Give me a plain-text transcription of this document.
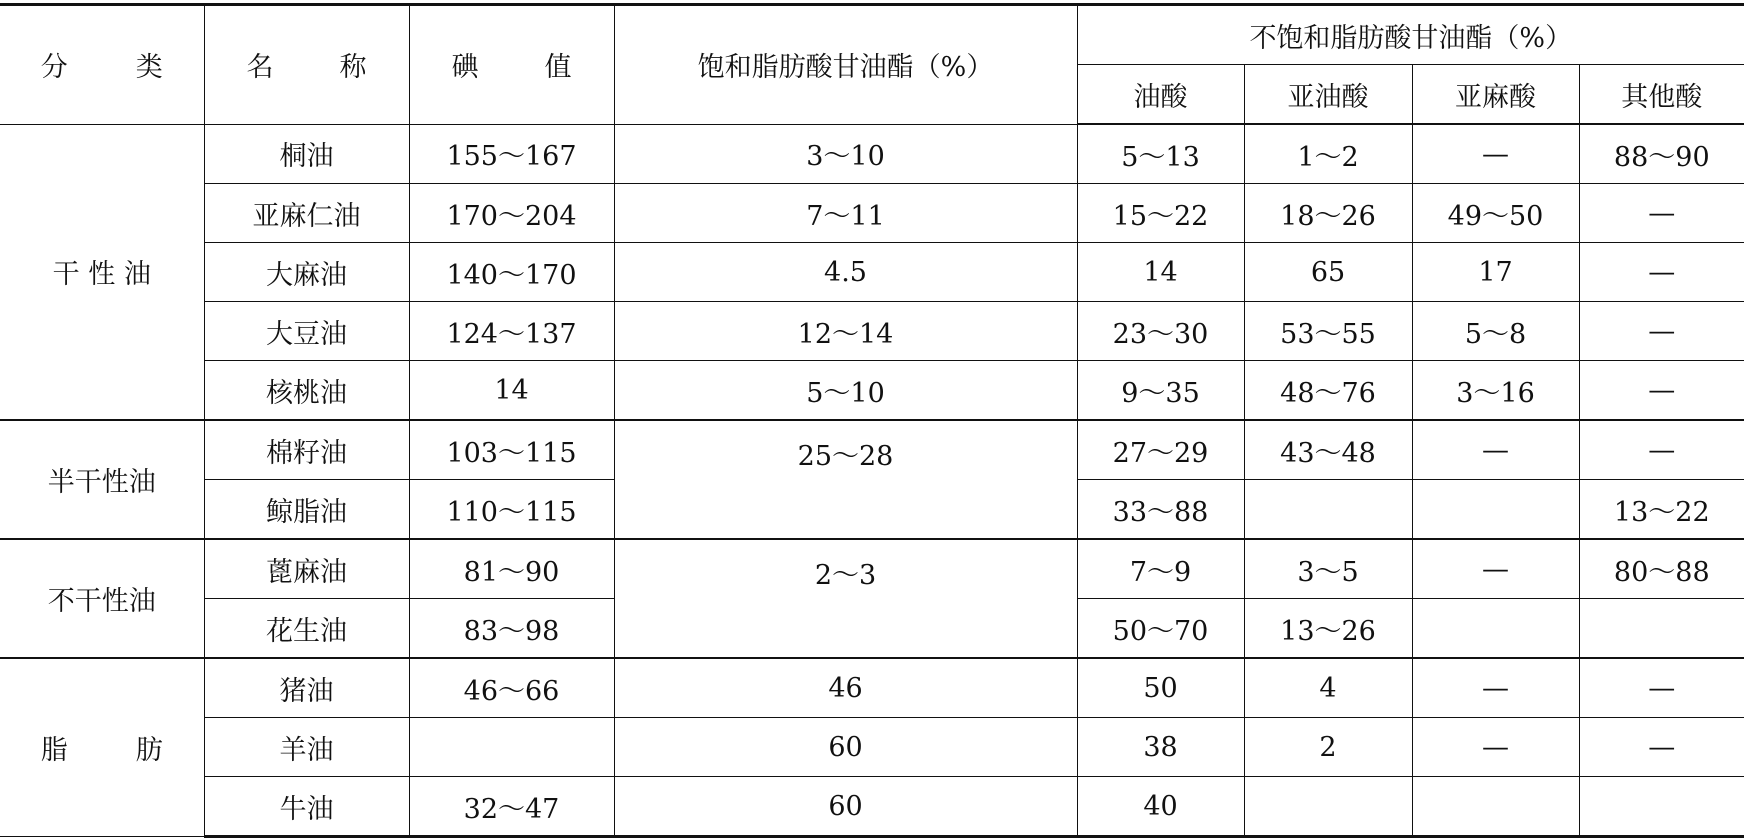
分　类	名　称	碘　值	饱和脂肪酸甘油酯（%）	不饱和脂肪酸甘油酯（%）			
				油酸	亚油酸	亚麻酸	其他酸
干 性 油	桐油	155～167	3～10	5～13	1～2	—	88～90
	亚麻仁油	170～204	7～11	15～22	18～26	49～50	—
	大麻油	140～170	4.5	14	65	17	—
	大豆油	124～137	12～14	23～30	53～55	5～8	—
	核桃油	14	5～10	9～35	48～76	3～16	—
半干性油	棉籽油	103～115	25～28	27～29	43～48	—	—
	鲸脂油	110～115		33～88			13～22
不干性油	蓖麻油	81～90	2～3	7～9	3～5	—	80～88
	花生油	83～98		50～70	13～26		
脂　肪	猪油	46～66	46	50	4	—	—
	羊油		60	38	2	—	—
	牛油	32～47	60	40			
